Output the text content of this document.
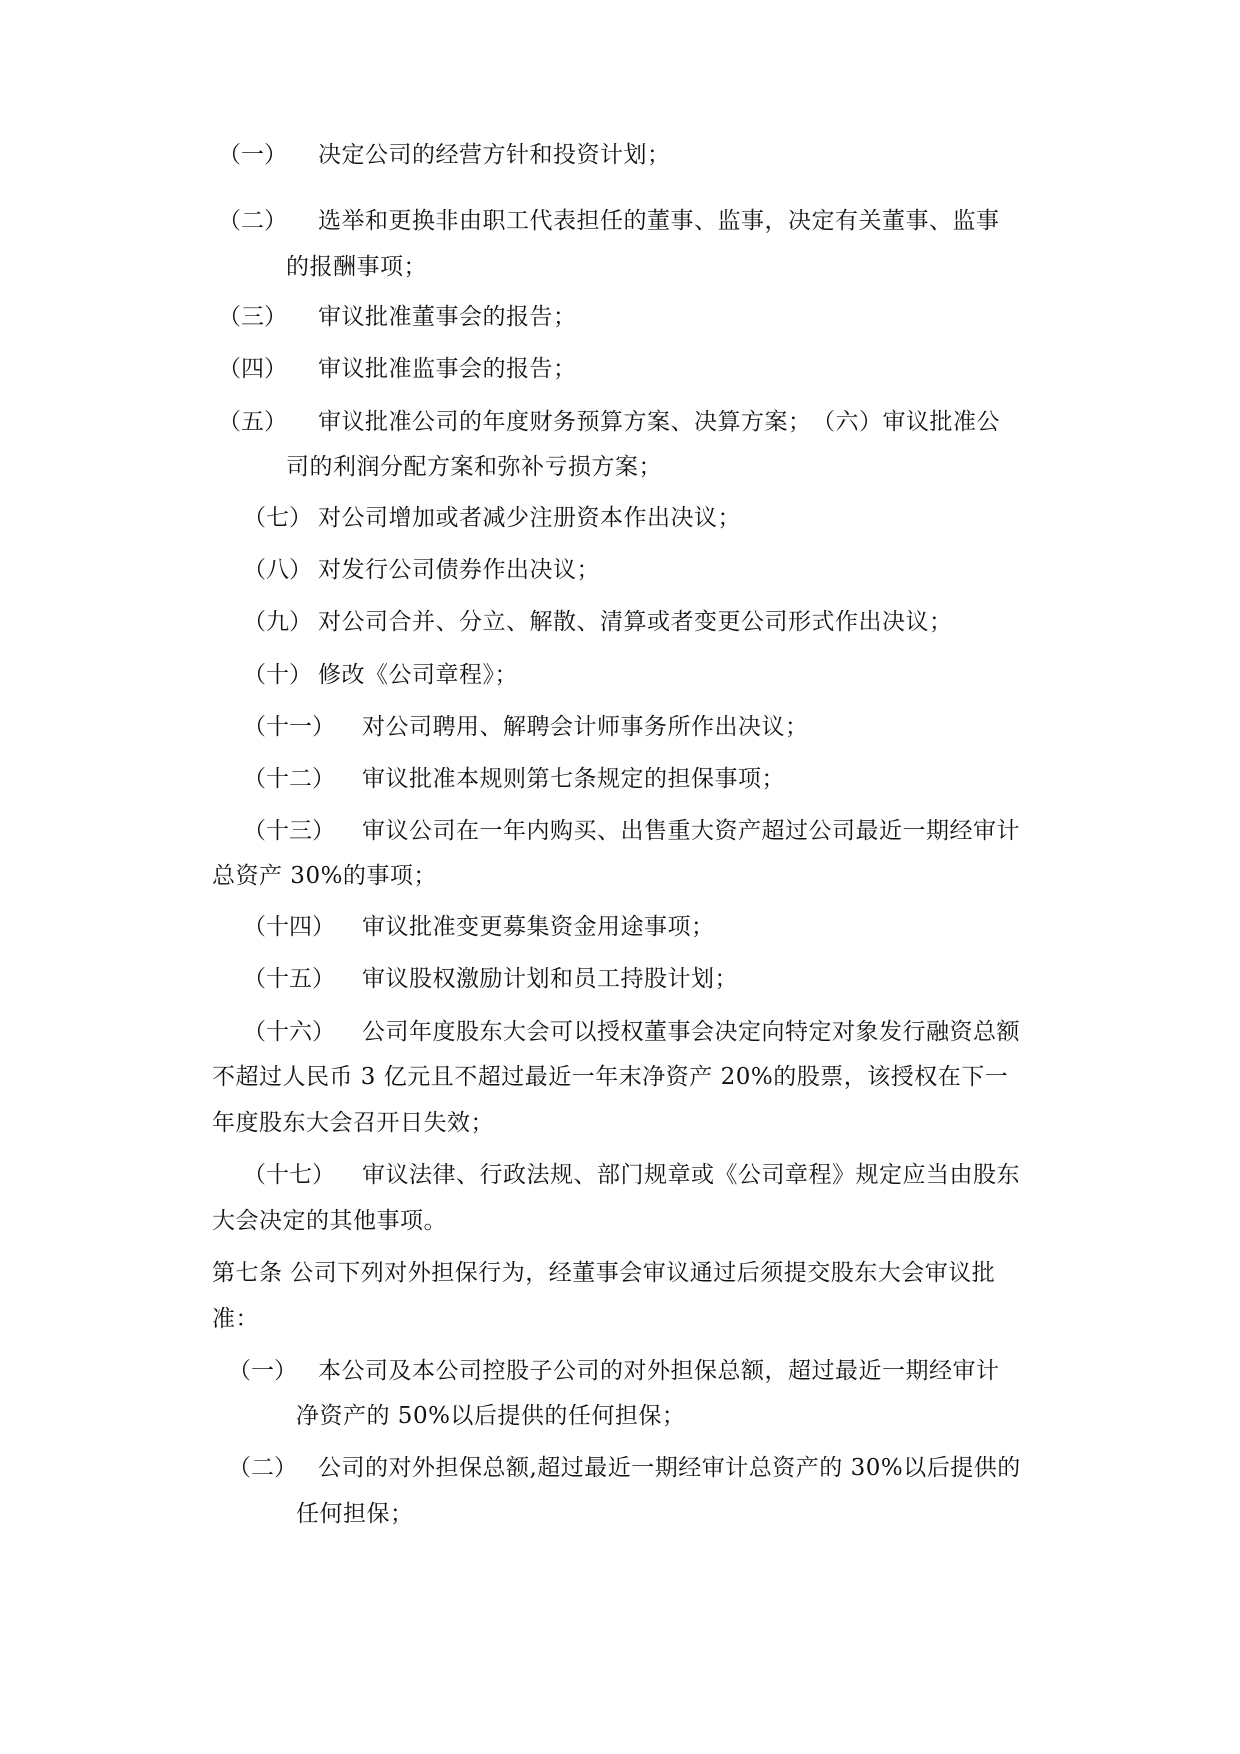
（一） 决定公司的经营方针和投资计划；
（二） 选举和更换非由职工代表担任的董事、监事，决定有关董事、监事
的报酬事项；
（三） 审议批准董事会的报告；
（四） 审议批准监事会的报告；
（五） 审议批准公司的年度财务预算方案、决算方案；　（六）审议批准公
司的利润分配方案和弥补亏损方案；
（七） 对公司增加或者减少注册资本作出决议；
（八） 对发行公司债券作出决议；
（九） 对公司合并、分立、解散、清算或者变更公司形式作出决议；
（十） 修改《公司章程》；
（十一） 对公司聘用、解聘会计师事务所作出决议；
（十二） 审议批准本规则第七条规定的担保事项；
（十三） 审议公司在一年内购买、出售重大资产超过公司最近一期经审计
总资产 30%的事项；
（十四） 审议批准变更募集资金用途事项；
（十五） 审议股权激励计划和员工持股计划；
（十六） 公司年度股东大会可以授权董事会决定向特定对象发行融资总额
不超过人民币 3 亿元且不超过最近一年末净资产 20%的股票，该授权在下一
年度股东大会召开日失效；
（十七） 审议法律、行政法规、部门规章或《公司章程》规定应当由股东
大会决定的其他事项。
第七条 公司下列对外担保行为，经董事会审议通过后须提交股东大会审议批
准：
（一） 本公司及本公司控股子公司的对外担保总额，超过最近一期经审计
净资产的 50%以后提供的任何担保；
（二） 公司的对外担保总额,超过最近一期经审计总资产的 30%以后提供的
任何担保；
